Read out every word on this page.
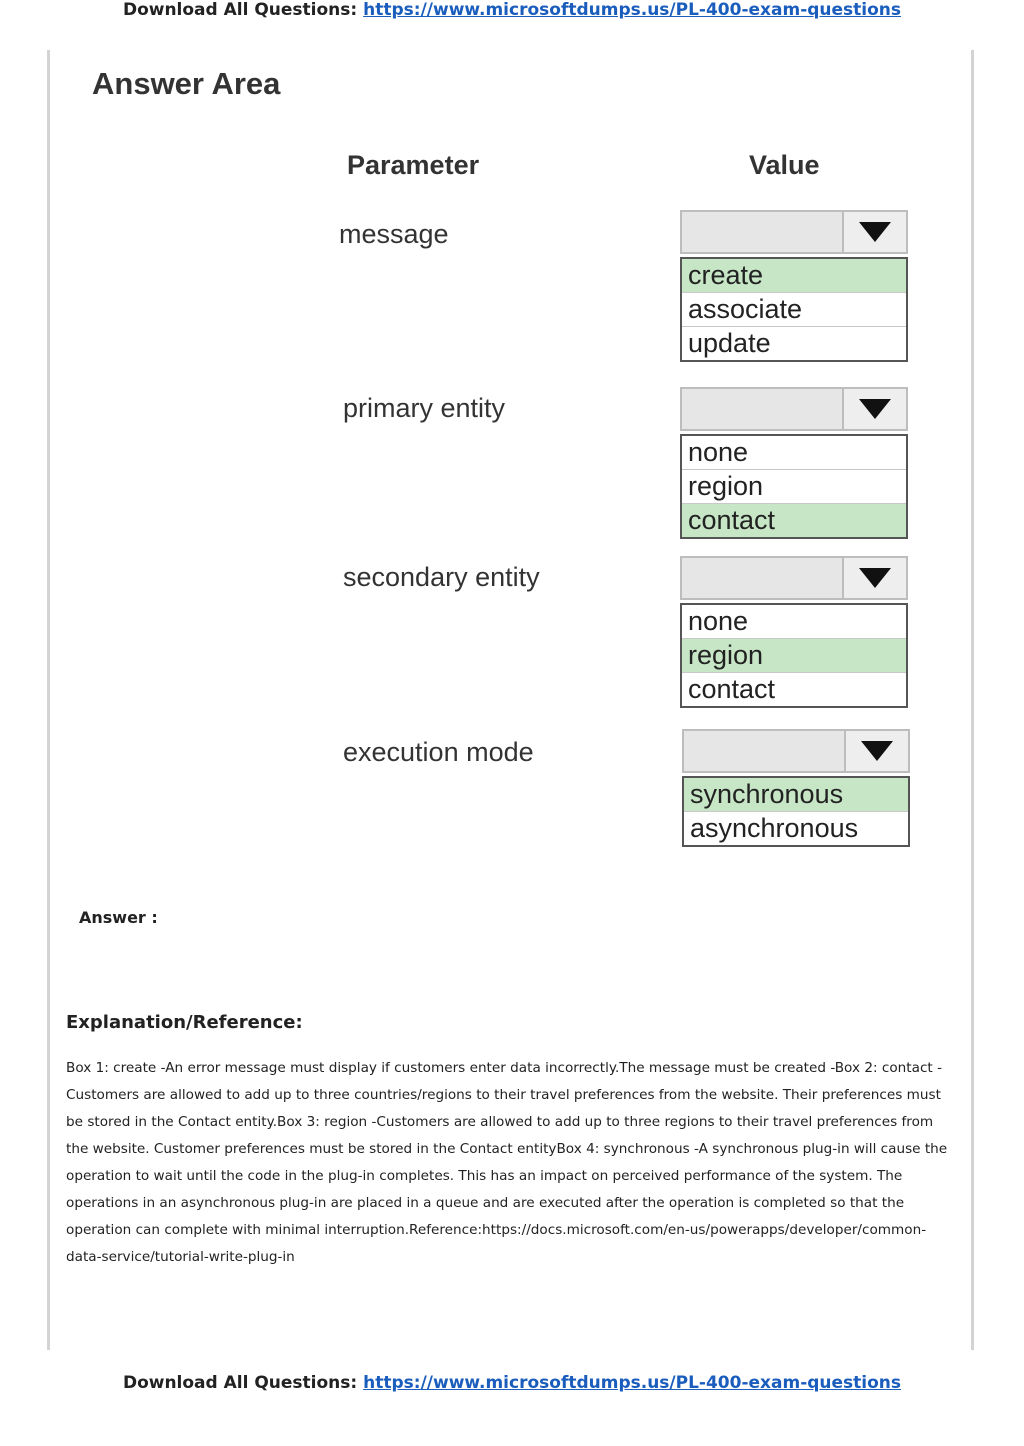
Download All Questions: https://www.microsoftdumps.us/PL-400-exam-questions
Answer Area
Parameter	Value
message
create
associate
update
primary entity
none
region
contact
secondary entity
none
region
contact
execution mode
synchronous
asynchronous
Answer :
Explanation/Reference:
Box 1: create -An error message must display if customers enter data incorrectly.The message must be created -Box 2: contact -Customers are allowed to add up to three countries/regions to their travel preferences from the website. Their preferences must be stored in the Contact entity.Box 3: region -Customers are allowed to add up to three regions to their travel preferences from the website. Customer preferences must be stored in the Contact entityBox 4: synchronous -A synchronous plug-in will cause the operation to wait until the code in the plug-in completes. This has an impact on perceived performance of the system. The operations in an asynchronous plug-in are placed in a queue and are executed after the operation is completed so that the operation can complete with minimal interruption.Reference:https://docs.microsoft.com/en-us/powerapps/developer/common-data-service/tutorial-write-plug-in
Download All Questions: https://www.microsoftdumps.us/PL-400-exam-questions
